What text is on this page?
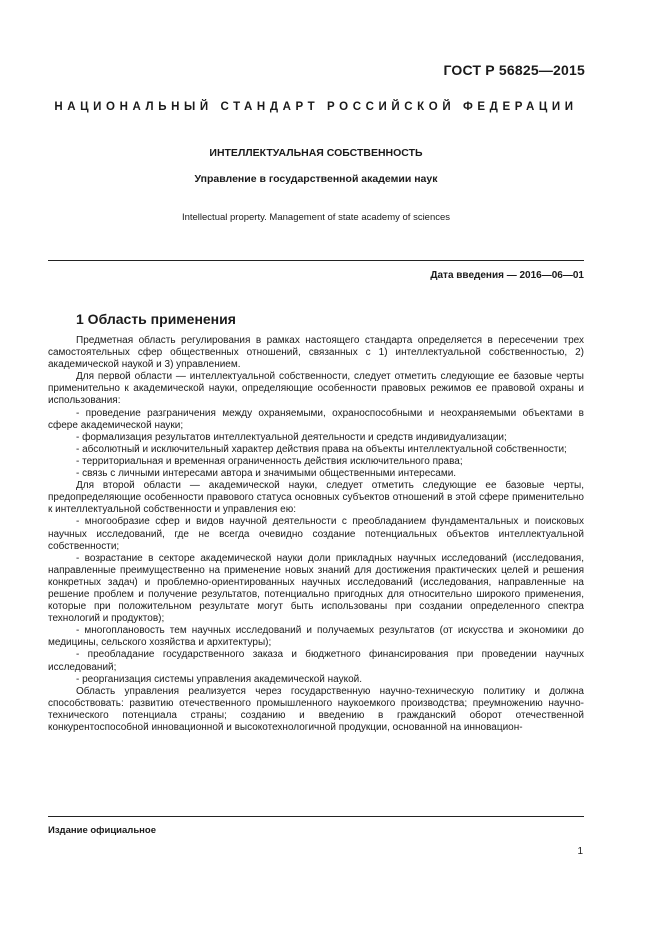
ГОСТ Р 56825—2015
НАЦИОНАЛЬНЫЙ СТАНДАРТ РОССИЙСКОЙ ФЕДЕРАЦИИ
ИНТЕЛЛЕКТУАЛЬНАЯ СОБСТВЕННОСТЬ
Управление в государственной академии наук
Intellectual property. Management of state academy of sciences
Дата введения — 2016—06—01
1 Область применения

Предметная область регулирования в рамках настоящего стандарта определяется в пересечении трех самостоятельных сфер общественных отношений, связанных с 1) интеллектуальной собственностью, 2) академической наукой и 3) управлением.

Для первой области — интеллектуальной собственности, следует отметить следующие ее базовые черты применительно к академической науки, определяющие особенности правовых режимов ее правовой охраны и использования:

- проведение разграничения между охраняемыми, охраноспособными и неохраняемыми объектами в сфере академической науки;

- формализация результатов интеллектуальной деятельности и средств индивидуализации;

- абсолютный и исключительный характер действия права на объекты интеллектуальной собственности;

- территориальная и временная ограниченность действия исключительного права;

- связь с личными интересами автора и значимыми общественными интересами.

Для второй области — академической науки, следует отметить следующие ее базовые черты, предопределяющие особенности правового статуса основных субъектов отношений в этой сфере применительно к интеллектуальной собственности и управления ею:

- многообразие сфер и видов научной деятельности с преобладанием фундаментальных и поисковых научных исследований, где не всегда очевидно создание потенциальных объектов интеллектуальной собственности;

- возрастание в секторе академической науки доли прикладных научных исследований (исследования, направленные преимущественно на применение новых знаний для достижения практических целей и решения конкретных задач) и проблемно-ориентированных научных исследований (исследования, направленные на решение проблем и получение результатов, потенциально пригодных для относительно широкого применения, которые при положительном результате могут быть использованы при создании определенного спектра технологий и продуктов);

- многоплановость тем научных исследований и получаемых результатов (от искусства и экономики до медицины, сельского хозяйства и архитектуры);

- преобладание государственного заказа и бюджетного финансирования при проведении научных исследований;

- реорганизация системы управления академической наукой.

Область управления реализуется через государственную научно-техническую политику и должна способствовать: развитию отечественного промышленного наукоемкого производства; преумножению научно-технического потенциала страны; созданию и введению в гражданский оборот отечественной конкурентоспособной инновационной и высокотехнологичной продукции, основанной на инновацион-

Издание официальное
1
